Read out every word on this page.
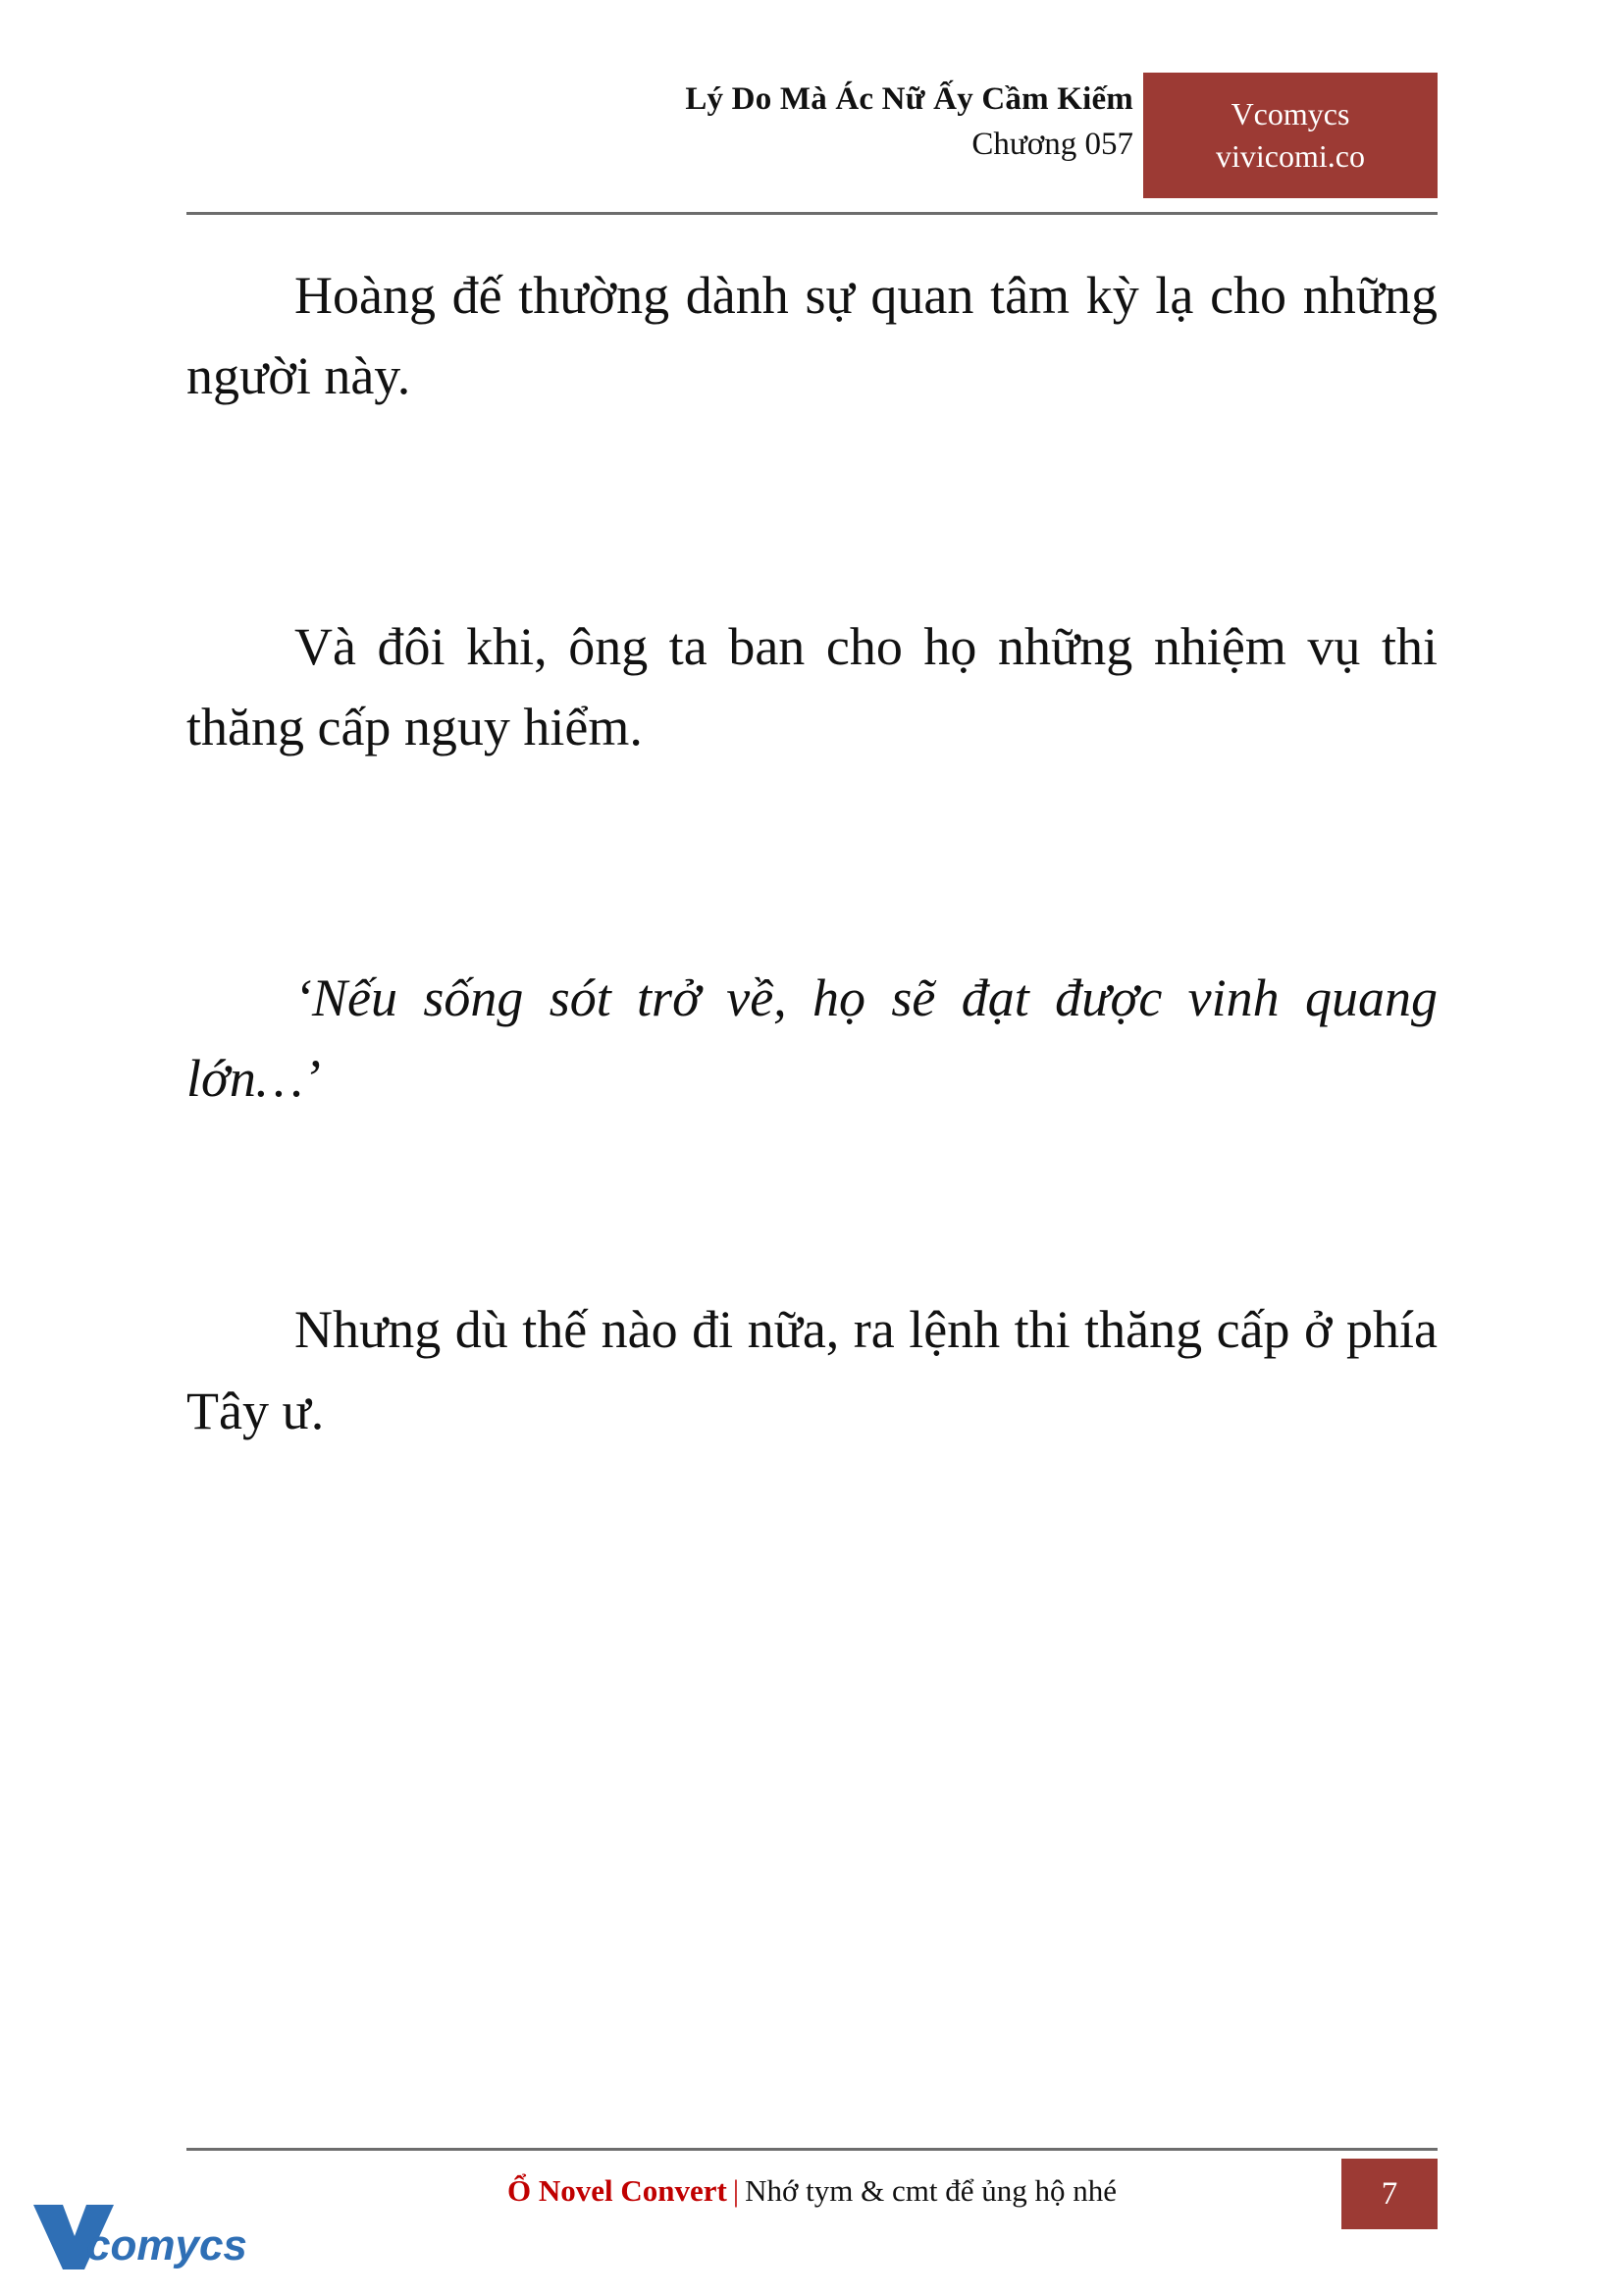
Lý Do Mà Ác Nữ Ấy Cầm Kiếm
Chương 057
Vcomycs
vivicomi.co

Hoàng đế thường dành sự quan tâm kỳ lạ cho những người này.

Và đôi khi, ông ta ban cho họ những nhiệm vụ thi thăng cấp nguy hiểm.

‘Nếu sống sót trở về, họ sẽ đạt được vinh quang lớn…’

Nhưng dù thế nào đi nữa, ra lệnh thi thăng cấp ở phía Tây ư.

Ổ Novel Convert | Nhớ tym & cmt để ủng hộ nhé	7
comycs
